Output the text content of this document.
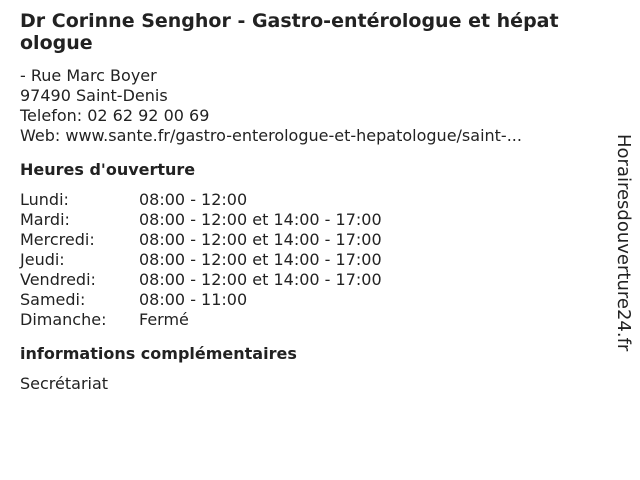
Dr Corinne Senghor - Gastro-entérologue et hépatologue
- Rue Marc Boyer
97490 Saint-Denis
Telefon: 02 62 92 00 69
Web: www.sante.fr/gastro-enterologue-et-hepatologue/saint-...
Heures d'ouverture
Lundi:	08:00 - 12:00
Mardi:	08:00 - 12:00 et 14:00 - 17:00
Mercredi:	08:00 - 12:00 et 14:00 - 17:00
Jeudi:	08:00 - 12:00 et 14:00 - 17:00
Vendredi:	08:00 - 12:00 et 14:00 - 17:00
Samedi:	08:00 - 11:00
Dimanche:	Fermé
informations complémentaires
Secrétariat
Horairesdouverture24.fr
